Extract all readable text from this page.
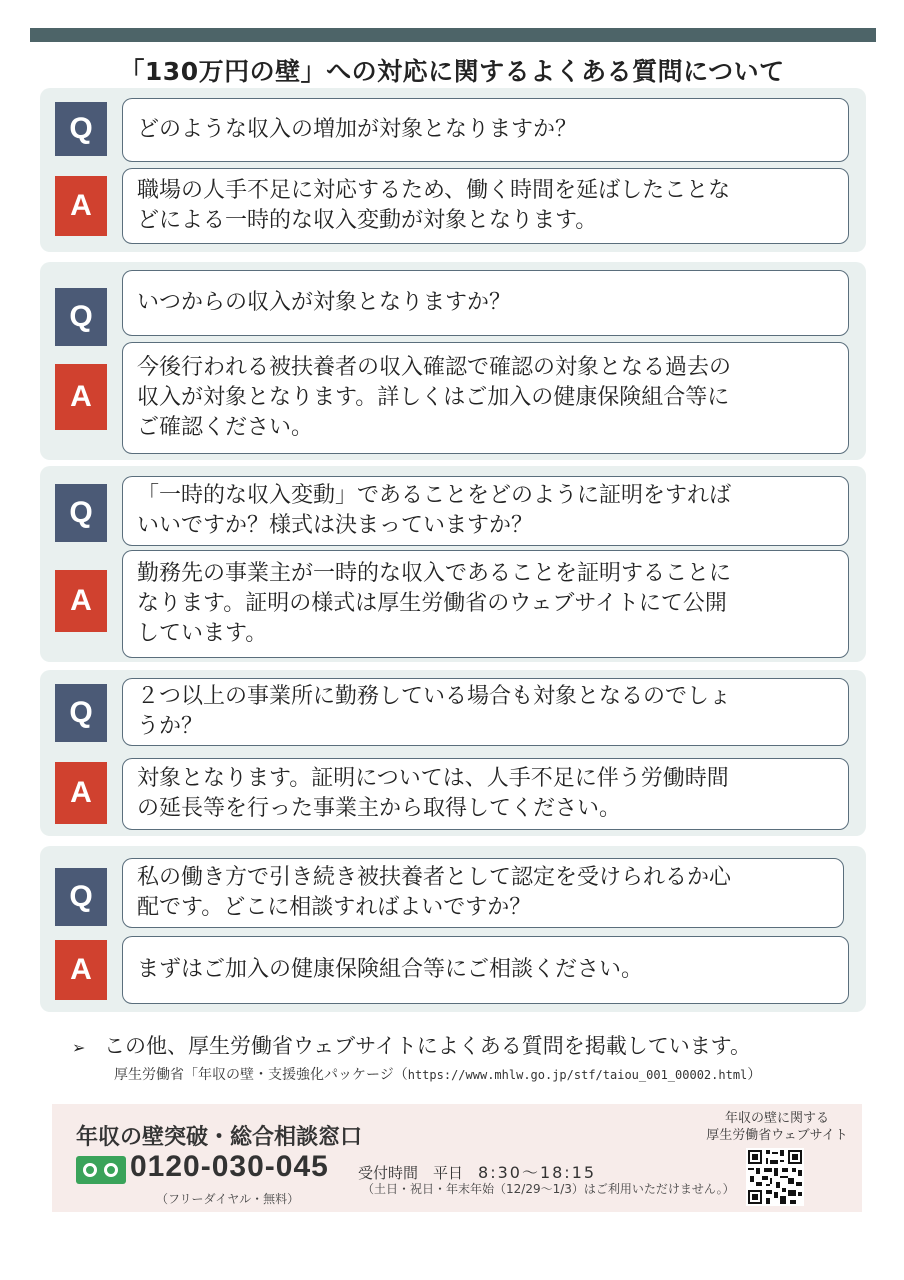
「130万円の壁」への対応に関するよくある質問について
Q	どのような収入の増加が対象となりますか？
A	職場の人手不足に対応するため、働く時間を延ばしたことな
どによる一時的な収入変動が対象となります。
Q	いつからの収入が対象となりますか？
A
今後行われる被扶養者の収入確認で確認の対象となる過去の
収入が対象となります。詳しくはご加入の健康保険組合等に
ご確認ください。
Q
「一時的な収入変動」であることをどのように証明をすれば
いいですか？様式は決まっていますか？
A
勤務先の事業主が一時的な収入であることを証明することに
なります。証明の様式は厚生労働省のウェブサイトにて公開
しています。
Q	２つ以上の事業所に勤務している場合も対象となるのでしょ
うか？
A	対象となります。証明については、人手不足に伴う労働時間
の延長等を行った事業主から取得してください。
Q
私の働き方で引き続き被扶養者として認定を受けられるか心
配です。どこに相談すればよいですか？
A	まずはご加入の健康保険組合等にご相談ください。
➢ この他、厚生労働省ウェブサイトによくある質問を掲載しています。
厚生労働省「年収の壁・支援強化パッケージ（https://www.mhlw.go.jp/stf/taiou_001_00002.html）
年収の壁突破・総合相談窓口
0120-030-045
（フリーダイヤル・無料）
受付時間　平日　8:30〜18:15
（土日・祝日・年末年始（12/29〜1/3）はご利用いただけません。）
年収の壁に関する
厚生労働省ウェブサイト
